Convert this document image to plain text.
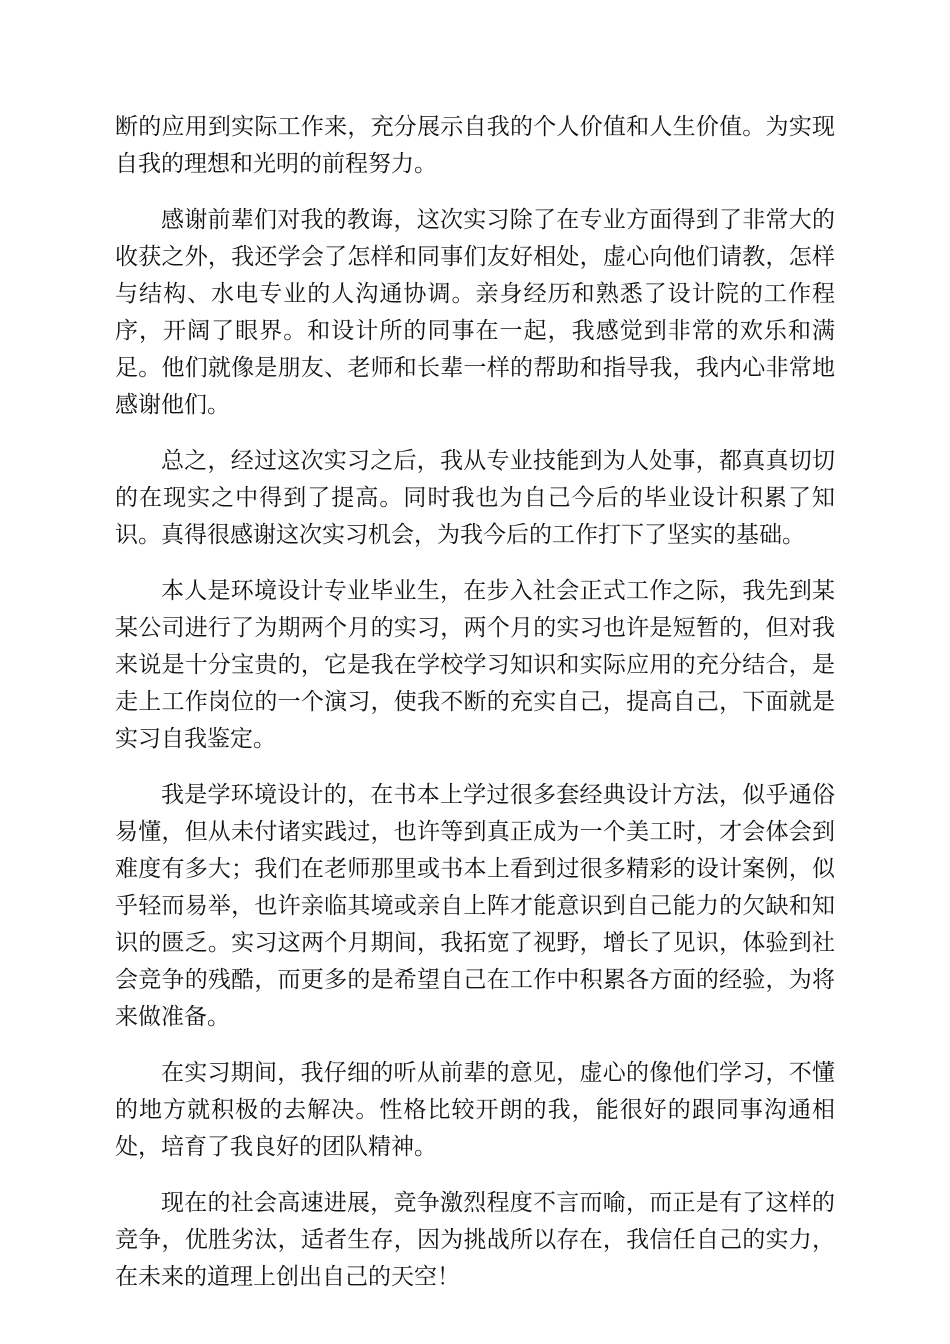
断的应用到实际工作来，充分展示自我的个人价值和人生价值。为实现自我的理想和光明的前程努力。

感谢前辈们对我的教诲，这次实习除了在专业方面得到了非常大的收获之外，我还学会了怎样和同事们友好相处，虚心向他们请教，怎样与结构、水电专业的人沟通协调。亲身经历和熟悉了设计院的工作程序，开阔了眼界。和设计所的同事在一起，我感觉到非常的欢乐和满足。他们就像是朋友、老师和长辈一样的帮助和指导我，我内心非常地感谢他们。

总之，经过这次实习之后，我从专业技能到为人处事，都真真切切的在现实之中得到了提高。同时我也为自己今后的毕业设计积累了知识。真得很感谢这次实习机会，为我今后的工作打下了坚实的基础。

本人是环境设计专业毕业生，在步入社会正式工作之际，我先到某某公司进行了为期两个月的实习，两个月的实习也许是短暂的，但对我来说是十分宝贵的，它是我在学校学习知识和实际应用的充分结合，是走上工作岗位的一个演习，使我不断的充实自己，提高自己，下面就是实习自我鉴定。

我是学环境设计的，在书本上学过很多套经典设计方法，似乎通俗易懂，但从未付诸实践过，也许等到真正成为一个美工时，才会体会到难度有多大；我们在老师那里或书本上看到过很多精彩的设计案例，似乎轻而易举，也许亲临其境或亲自上阵才能意识到自己能力的欠缺和知识的匮乏。实习这两个月期间，我拓宽了视野，增长了见识，体验到社会竞争的残酷，而更多的是希望自己在工作中积累各方面的经验，为将来做准备。

在实习期间，我仔细的听从前辈的意见，虚心的像他们学习，不懂的地方就积极的去解决。性格比较开朗的我，能很好的跟同事沟通相处，培育了我良好的团队精神。

现在的社会高速进展，竞争激烈程度不言而喻，而正是有了这样的竞争，优胜劣汰，适者生存，因为挑战所以存在，我信任自己的实力，在未来的道理上创出自己的天空！
